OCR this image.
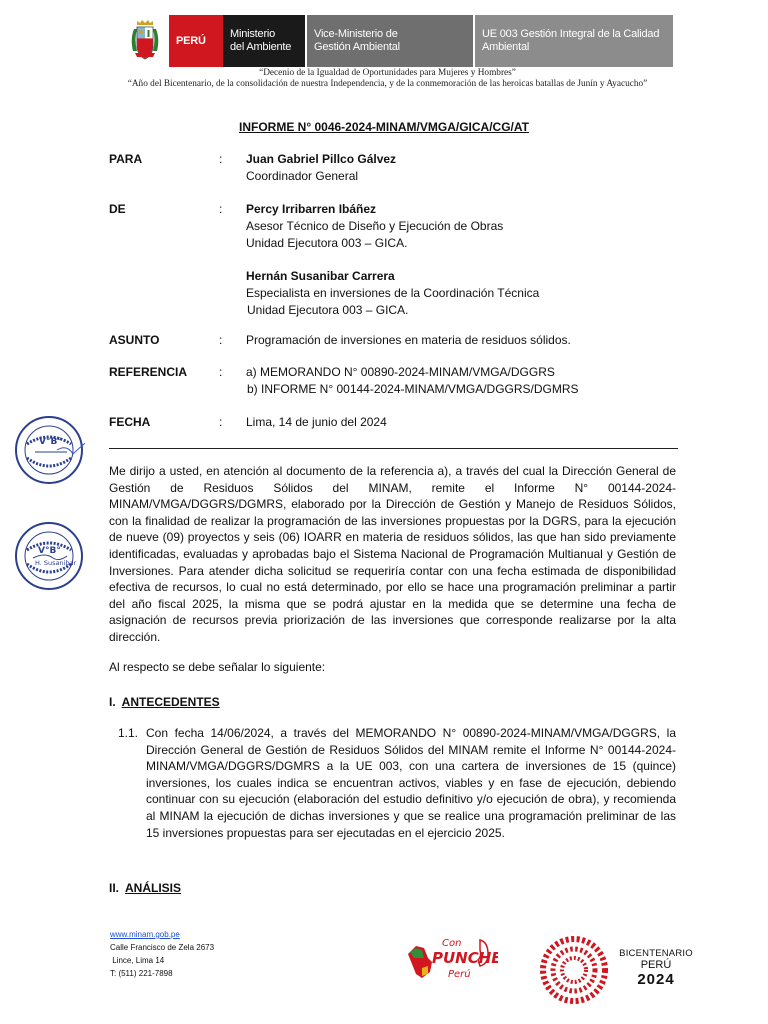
PERÚ
Ministerio
del Ambiente
Vice-Ministerio de
Gestión Ambiental
UE 003 Gestión Integral de la Calidad
Ambiental
“Decenio de la Igualdad de Oportunidades para Mujeres y Hombres”
“Año del Bicentenario, de la consolidación de nuestra Independencia, y de la conmemoración de las heroicas batallas de Junín y Ayacucho”
INFORME N° 0046-2024-MINAM/VMGA/GICA/CG/AT
PARA	: Juan Gabriel Pillco Gálvez
Coordinador General
DE	: Percy Irribarren Ibáñez
Asesor Técnico de Diseño y Ejecución de Obras
Unidad Ejecutora 003 – GICA.
Hernán Susanibar Carrera
Especialista en inversiones de la Coordinación Técnica
Unidad Ejecutora 003 – GICA.
ASUNTO	: Programación de inversiones en materia de residuos sólidos.
REFERENCIA	: a) MEMORANDO N° 00890-2024-MINAM/VMGA/DGGRS
b) INFORME N° 00144-2024-MINAM/VMGA/DGGRS/DGMRS
FECHA	: Lima, 14 de junio del 2024

Me dirijo a usted, en atención al documento de la referencia a), a través del cual la Dirección General de Gestión de Residuos Sólidos del MINAM, remite el Informe N° 00144-2024-MINAM/VMGA/DGGRS/DGMRS, elaborado por la Dirección de Gestión y Manejo de Residuos Sólidos, con la finalidad de realizar la programación de las inversiones propuestas por la DGRS, para la ejecución de nueve (09) proyectos y seis (06) IOARR en materia de residuos sólidos, las que han sido previamente identificadas, evaluadas y aprobadas bajo el Sistema Nacional de Programación Multianual y Gestión de Inversiones. Para atender dicha solicitud se requeriría contar con una fecha estimada de disponibilidad efectiva de recursos, lo cual no está determinado, por ello se hace una programación preliminar a partir del año fiscal 2025, la misma que se podrá ajustar en la medida que se determine una fecha de asignación de recursos previa priorización de las inversiones que corresponde realizarse por la alta dirección.

Al respecto se debe señalar lo siguiente:

I. ANTECEDENTES
1.1. Con fecha 14/06/2024, a través del MEMORANDO N° 00890-2024-MINAM/VMGA/DGGRS, la Dirección General de Gestión de Residuos Sólidos del MINAM remite el Informe N° 00144-2024- MINAM/VMGA/DGGRS/DGMRS a la UE 003, con una cartera de inversiones de 15 (quince) inversiones, los cuales indica se encuentran activos, viables y en fase de ejecución, debiendo continuar con su ejecución (elaboración del estudio definitivo y/o ejecución de obra), y recomienda al MINAM la ejecución de dichas inversiones y que se realice una programación preliminar de las 15 inversiones propuestas para ser ejecutadas en el ejercicio 2025.
II. ANÁLISIS
V°B°
V°B°
H. Susanibar
www.minam.gob.pe
Calle Francisco de Zela 2673
Lince, Lima 14
T: (511) 221-7898
Con
PUNCHE
Perú
BICENTENARIO
PERÚ
2024
